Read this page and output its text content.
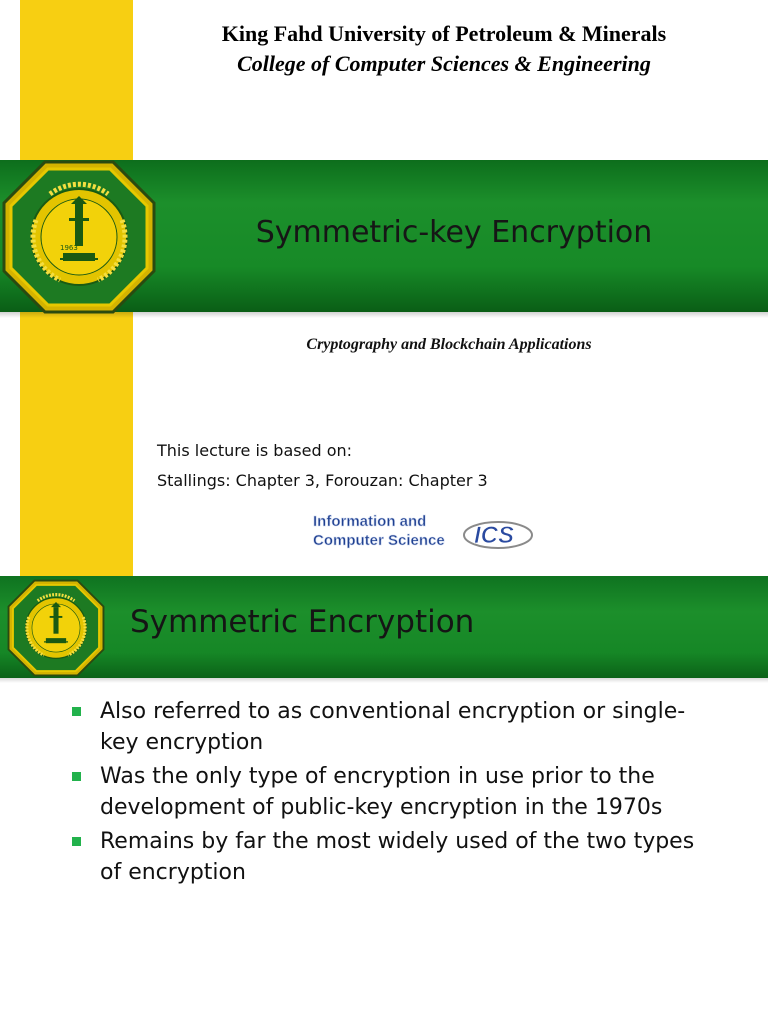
King Fahd University of Petroleum & Minerals
College of Computer Sciences & Engineering
1963	Symmetric-key Encryption
Cryptography and Blockchain Applications
This lecture is based on:
Stallings: Chapter 3, Forouzan: Chapter 3
Information and
Computer Science ICS
Symmetric Encryption
Also referred to as conventional encryption or single-key encryption
Was the only type of encryption in use prior to the development of public-key encryption in the 1970s
Remains by far the most widely used of the two types of encryption
